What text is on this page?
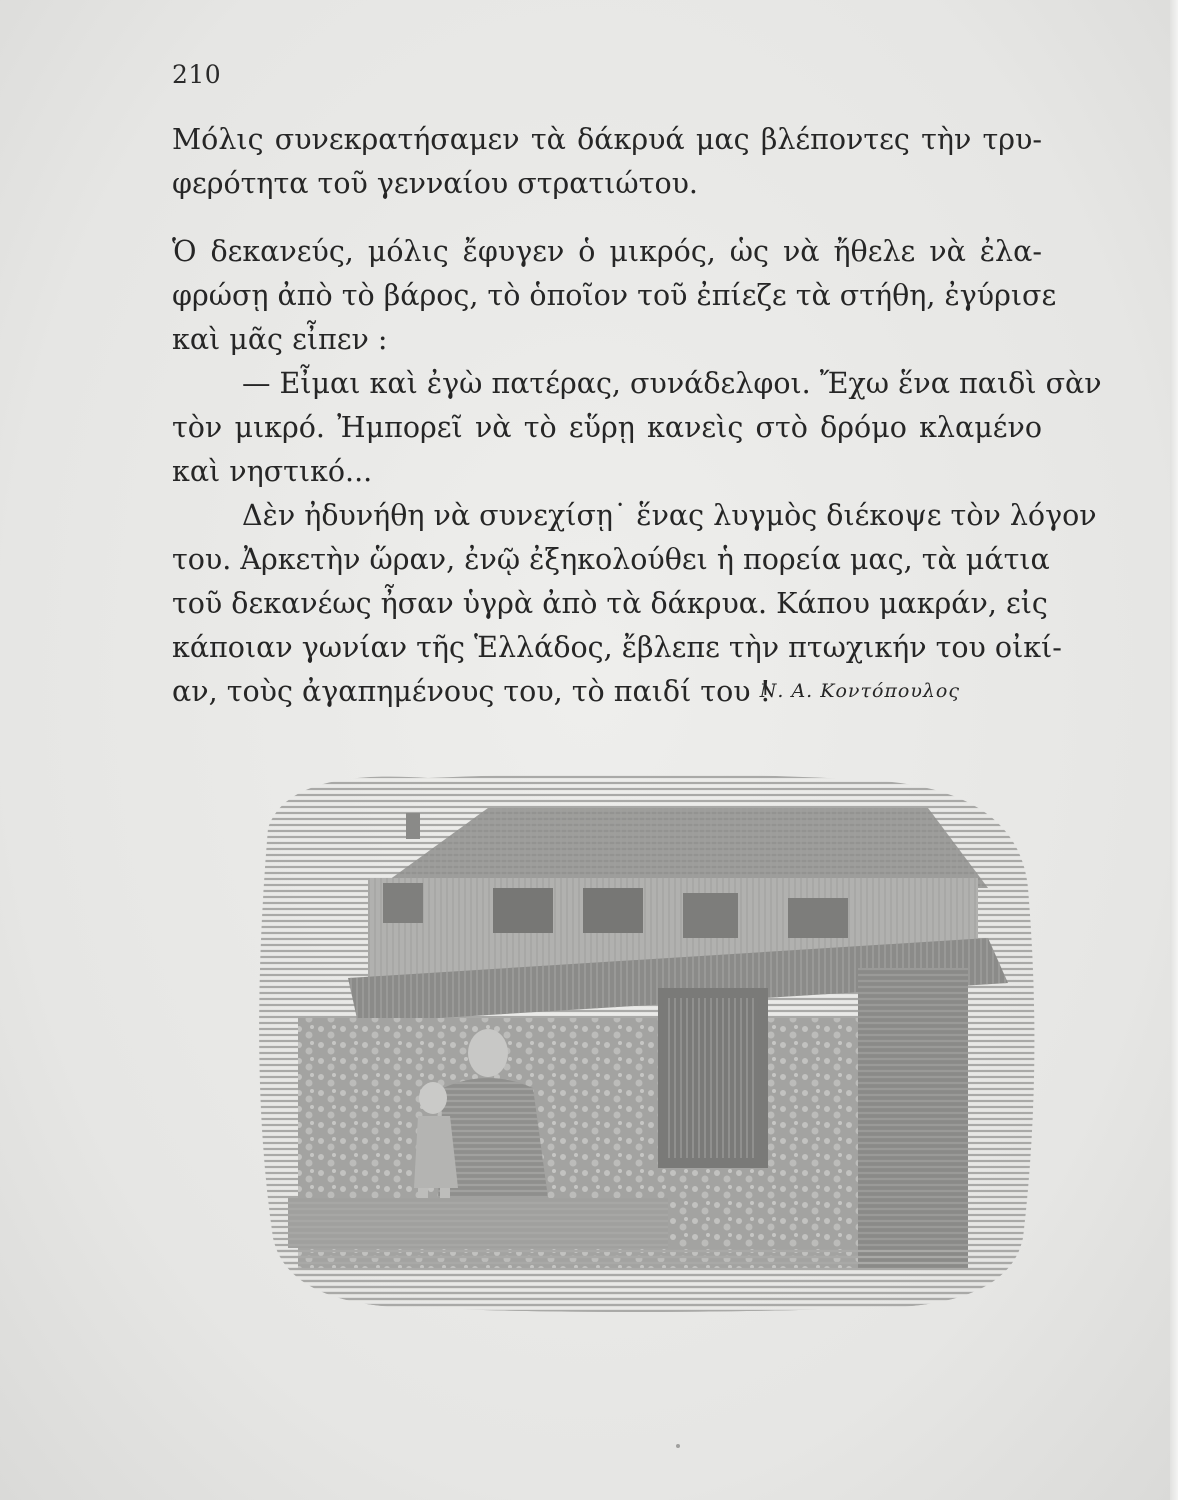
210
Μόλις συνεκρατήσαμεν τὰ δάκρυά μας βλέποντες τὴν τρυ-
φερότητα τοῦ γενναίου στρατιώτου.
Ὁ δεκανεύς, μόλις ἔφυγεν ὁ μικρός, ὡς νὰ ἤθελε νὰ ἐλα-
φρώσῃ ἀπὸ τὸ βάρος, τὸ ὁποῖον τοῦ ἐπίεζε τὰ στήθη, ἐγύρισε
καὶ μᾶς εἶπεν :
— Εἶμαι καὶ ἐγὼ πατέρας, συνάδελφοι. Ἔχω ἕνα παιδὶ σὰν
τὸν μικρό. Ἠμπορεῖ νὰ τὸ εὕρῃ κανεὶς στὸ δρόμο κλαμένο
καὶ νηστικό...
Δὲν ἠδυνήθη νὰ συνεχίσῃ˙ ἕνας λυγμὸς διέκοψε τὸν λόγον
του. Ἀρκετὴν ὥραν, ἐνῷ ἐξηκολούθει ἡ πορεία μας, τὰ μάτια
τοῦ δεκανέως ἦσαν ὑγρὰ ἀπὸ τὰ δάκρυα. Κάπου μακράν, εἰς
κάποιαν γωνίαν τῆς Ἑλλάδος, ἔβλεπε τὴν πτωχικήν του οἰκί-
αν, τοὺς ἀγαπημένους του, τὸ παιδί του !
Ν. Α. Κοντόπουλος
